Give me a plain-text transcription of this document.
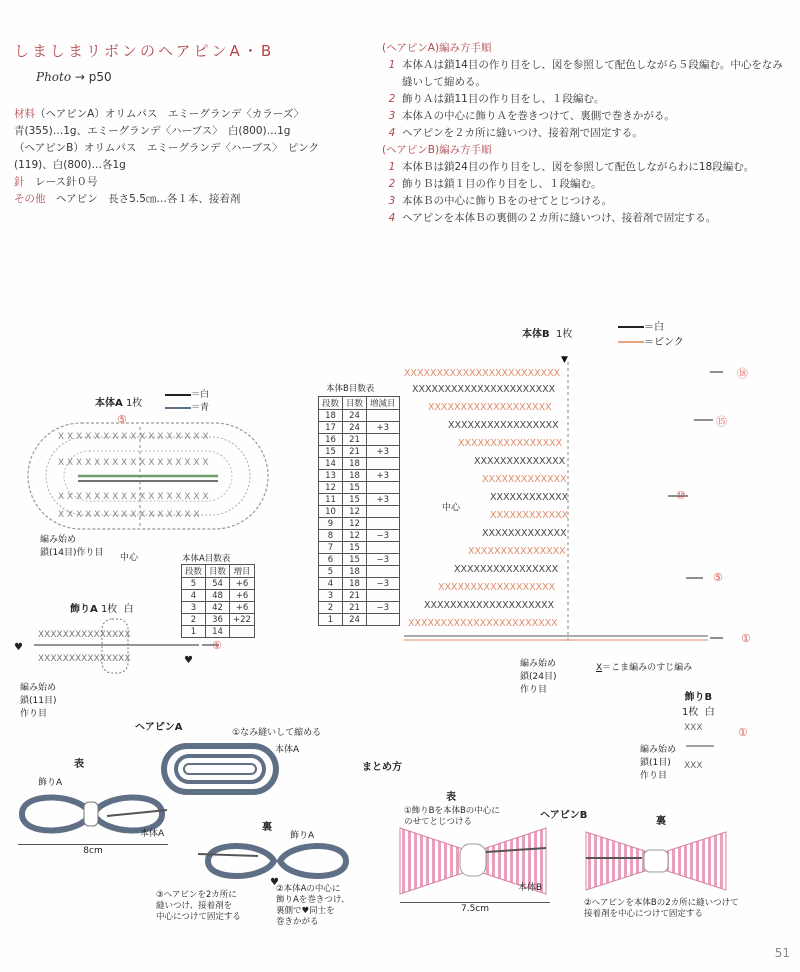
しましまリボンのヘアピンA・B
Photo → p50
材料（ヘアピンA）オリムパス　エミーグランデ〈カラーズ〉
青(355)…1g、エミーグランデ〈ハーブス〉　白(800)…1g
（ヘアピンB）オリムパス　エミーグランデ〈ハーブス〉　ピンク
(119)、白(800)…各1g
針　 レース針０号
その他　 ヘアピン　長さ5.5㎝…各１本、接着剤
(ヘアピンA)編み方手順
1 本体Ａは鎖14目の作り目をし、図を参照して配色しながら５段編む。中心をなみ縫いして縮める。
2 飾りＡは鎖11目の作り目をし、１段編む。
3 本体Ａの中心に飾りＡを巻きつけて、裏側で巻きかがる。
4 ヘアピンを２カ所に縫いつけ、接着剤で固定する。
(ヘアピンB)編み方手順
1 本体Ｂは鎖24目の作り目をし、図を参照して配色しながらわに18段編む。
2 飾りＢは鎖１目の作り目をし、１段編む。
3 本体Ｂの中心に飾りＢをのせてとじつける。
4 ヘアピンを本体Ｂの裏側の２カ所に縫いつけ、接着剤で固定する。
本体A 1枚
＝白
＝青
X X X X X X X X X X X X X X X X X
X X X X X X X X X X X X X X X X X
X X X X X X X X X X X X X X X X X
X X X X X X X X X X X X X X X X
⑤
編み始め
鎖(14目)作り目 中心	本体A目数表
段数	目数	増目
5	54	+6
4	48	+6
3	42	+6
2	36	+22
1	14	
飾りA 1枚 白
XXXXXXXXXXXXXXX
XXXXXXXXXXXXXXX
♥
♥
①
編み始め
鎖(11目)
作り目
本体B目数表
段数	目数	増減目
18	24	
17	24	+3
16	21	
15	21	+3
14	18	
13	18	+3
12	15	
11	15	+3
10	12	
9	12	
8	12	−3
7	15	
6	15	−3
5	18	
4	18	−3
3	21	
2	21	−3
1	24	
本体B 1枚
＝白
＝ピンク
▼
XXXXXXXXXXXXXXXXXXXXXXXX
XXXXXXXXXXXXXXXXXXXXXX
XXXXXXXXXXXXXXXXXXX
XXXXXXXXXXXXXXXXX
XXXXXXXXXXXXXXXX
XXXXXXXXXXXXXX
XXXXXXXXXXXXX
XXXXXXXXXXXX
XXXXXXXXXXXX
XXXXXXXXXXXXX
XXXXXXXXXXXXXXX
XXXXXXXXXXXXXXXX
XXXXXXXXXXXXXXXXXX
XXXXXXXXXXXXXXXXXXXX
XXXXXXXXXXXXXXXXXXXXXXX
⑱
⑮
⑩
⑤
①
中心
編み始め
鎖(24目)
作り目
X＝こま編みのすじ編み
飾りB
1枚 白
XXX
XXX
①
編み始め
鎖(1目)
作り目
ヘアピンA	①なみ縫いして縮める
本体A
まとめ方
表
飾りA
本体A
8cm
裏
飾りA
♥
③ヘアピンを2カ所に
縫いつけ、接着剤を
中心につけて固定する
②本体Aの中心に
飾りAを巻きつけ、
裏側で♥同士を
巻きかがる
表
①飾りBを本体Bの中心に
のせてとじつける
ヘアピンB
本体B
7.5cm
裏
②ヘアピンを本体Bの2カ所に縫いつけて
接着剤を中心につけて固定する
51
